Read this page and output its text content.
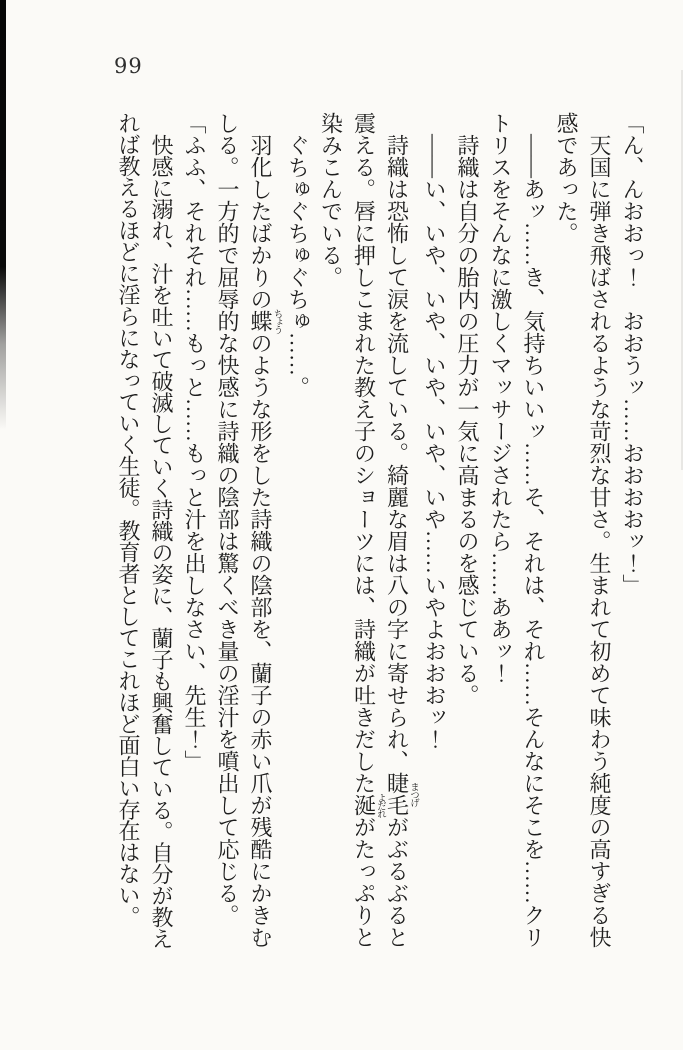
99

「ん、んおおっ！　おおうッ……おおおおッ！」

天国に弾き飛ばされるような苛烈な甘さ。生まれて初めて味わう純度の高すぎる快感であった。

――あッ……き、気持ちいいッ……そ、それは、それ……そんなにそこを……クリトリスをそんなに激しくマッサージされたら……ああッ！

詩織は自分の胎内の圧力が一気に高まるのを感じている。

――い、いや、いや、いや、いや、いや……いやよおおおッ！

詩織は恐怖して涙を流している。綺麗な眉は八の字に寄せられ、睫毛まつげがぶるぶると震える。唇に押しこまれた教え子のショーツには、詩織が吐きだした涎よだれがたっぷりと染みこんでいる。

ぐちゅぐちゅぐちゅ……。

羽化したばかりの蝶ちょうのような形をした詩織の陰部を、蘭子の赤い爪が残酷にかきむしる。一方的で屈辱的な快感に詩織の陰部は驚くべき量の淫汁を噴出して応じる。

「ふふ、それそれ……もっと……もっと汁を出しなさい、先生！」

快感に溺れ、汁を吐いて破滅していく詩織の姿に、蘭子も興奮している。自分が教えれば教えるほどに淫らになっていく生徒。教育者としてこれほど面白い存在はない。
